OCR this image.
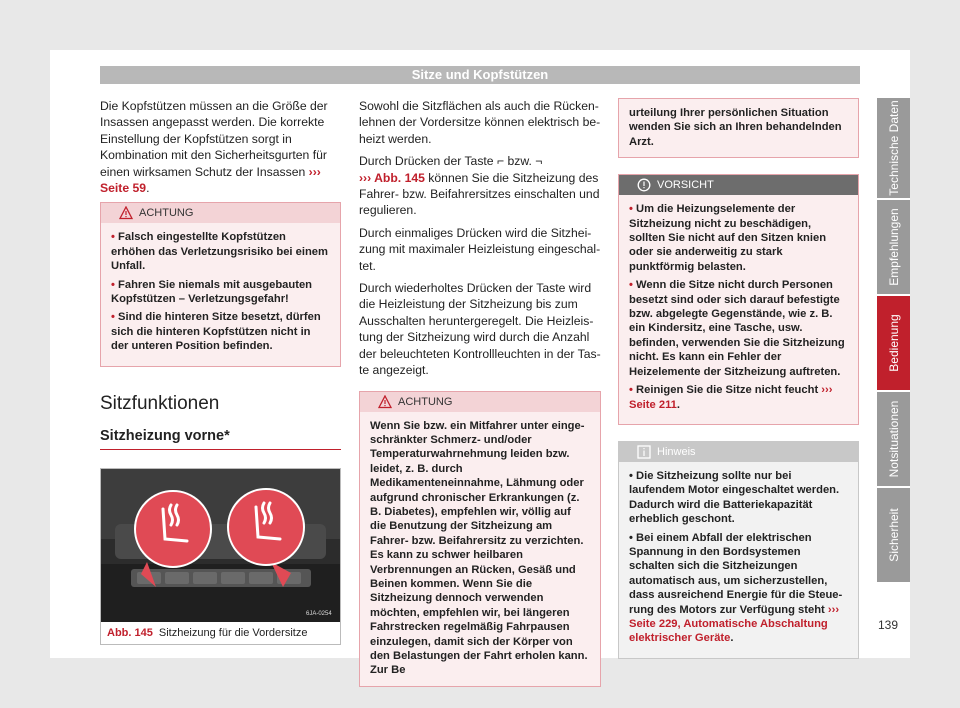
Sitze und Kopfstützen

Die Kopfstützen müssen an die Größe der Insassen angepasst werden. Die korrekte Einstellung der Kopfstützen sorgt in Kombination mit den Sicherheitsgurten für einen wirksamen Schutz der Insassen ››› Seite 59.

ACHTUNG
• Falsch eingestellte Kopfstützen erhöhen das Verletzungsrisiko bei einem Unfall.
• Fahren Sie niemals mit ausgebauten Kopfstützen – Verletzungsgefahr!
• Sind die hinteren Sitze besetzt, dürfen sich die hinteren Kopfstützen nicht in der unteren Position befinden.
Sitzfunktionen
Sitzheizung vorne*
6JA-0254
Abb. 145 Sitzheizung für die Vordersitze

Sowohl die Sitzflächen als auch die Rückenlehnen der Vordersitze können elektrisch beheizt werden.

Durch Drücken der Taste ⌐ bzw. ¬
››› Abb. 145 können Sie die Sitzheizung des Fahrer- bzw. Beifahrersitzes einschalten und regulieren.

Durch einmaliges Drücken wird die Sitzheizung mit maximaler Heizleistung eingeschaltet.

Durch wiederholtes Drücken der Taste wird die Heizleistung der Sitzheizung bis zum Ausschalten heruntergeregelt. Die Heizleistung der Sitzheizung wird durch die Anzahl der beleuchteten Kontrollleuchten in der Taste angezeigt.

ACHTUNG
Wenn Sie bzw. ein Mitfahrer unter eingeschränkter Schmerz- und/oder Temperaturwahrnehmung leiden bzw. leidet, z. B. durch Medikamenteneinnahme, Lähmung oder aufgrund chronischer Erkrankungen (z. B. Diabetes), empfehlen wir, völlig auf die Benutzung der Sitzheizung am Fahrer- bzw. Beifahrersitz zu verzichten. Es kann zu schwer heilbaren Verbrennungen an Rücken, Gesäß und Beinen kommen. Wenn Sie die Sitzheizung dennoch verwenden möchten, empfehlen wir, bei längeren Fahrstrecken regelmäßig Fahrpausen einzulegen, damit sich der Körper von den Belastungen der Fahrt erholen kann. Zur Be
urteilung Ihrer persönlichen Situation wenden Sie sich an Ihren behandelnden Arzt.
VORSICHT
• Um die Heizungselemente der Sitzheizung nicht zu beschädigen, sollten Sie nicht auf den Sitzen knien oder sie anderweitig zu stark punktförmig belasten.
• Wenn die Sitze nicht durch Personen besetzt sind oder sich darauf befestigte bzw. abgelegte Gegenstände, wie z. B. ein Kindersitz, eine Tasche, usw. befinden, verwenden Sie die Sitzheizung nicht. Es kann ein Fehler der Heizelemente der Sitzheizung auftreten.
• Reinigen Sie die Sitze nicht feucht ››› Seite 211.
Hinweis
• Die Sitzheizung sollte nur bei laufendem Motor eingeschaltet werden. Dadurch wird die Batteriekapazität erheblich geschont.
• Bei einem Abfall der elektrischen Spannung in den Bordsystemen schalten sich die Sitzheizungen automatisch aus, um sicherzustellen, dass ausreichend Energie für die Steuerung des Motors zur Verfügung steht ››› Seite 229, Automatische Abschaltung elektrischer Geräte.
Technische Daten
Empfehlungen
Bedienung
Notsituationen
Sicherheit
139
